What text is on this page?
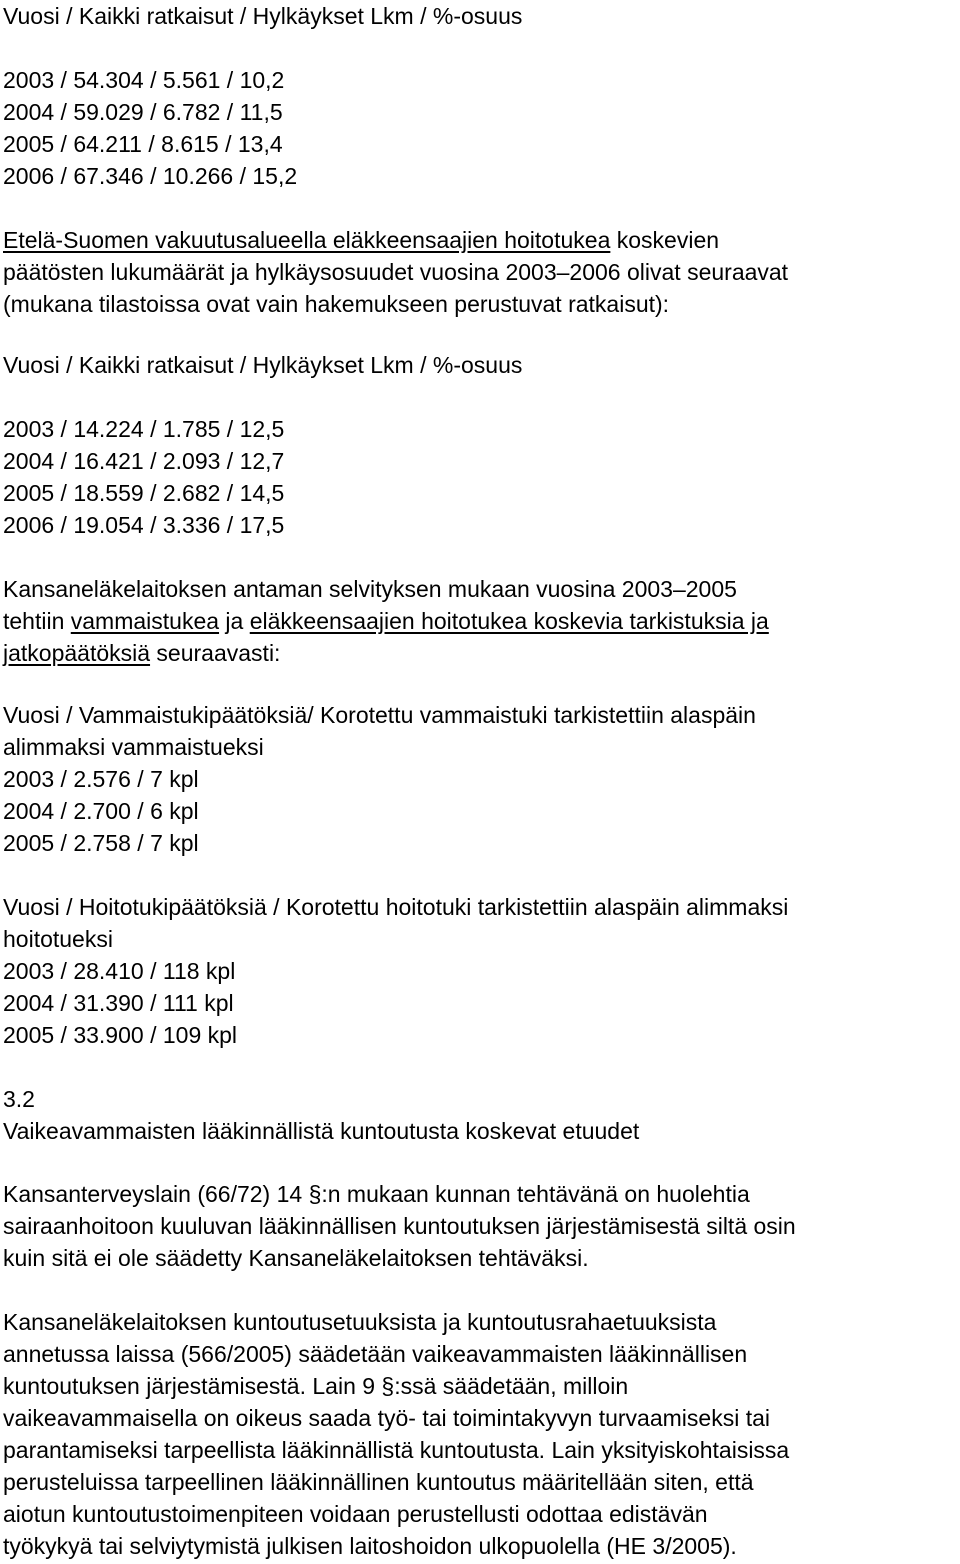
Vuosi / Kaikki ratkaisut / Hylkäykset Lkm / %-osuus
2003 / 54.304 / 5.561 / 10,2
2004 / 59.029 / 6.782 / 11,5
2005 / 64.211 / 8.615 / 13,4
2006 / 67.346 / 10.266 / 15,2
Etelä-Suomen vakuutusalueella eläkkeensaajien hoitotukea koskevien
päätösten lukumäärät ja hylkäysosuudet vuosina 2003–2006 olivat seuraavat
(mukana tilastoissa ovat vain hakemukseen perustuvat ratkaisut):
Vuosi / Kaikki ratkaisut / Hylkäykset Lkm / %-osuus
2003 / 14.224 / 1.785 / 12,5
2004 / 16.421 / 2.093 / 12,7
2005 / 18.559 / 2.682 / 14,5
2006 / 19.054 / 3.336 / 17,5
Kansaneläkelaitoksen antaman selvityksen mukaan vuosina 2003–2005
tehtiin vammaistukea ja eläkkeensaajien hoitotukea koskevia tarkistuksia ja
jatkopäätöksiä seuraavasti:
Vuosi / Vammaistukipäätöksiä/ Korotettu vammaistuki tarkistettiin alaspäin
alimmaksi vammaistueksi
2003 / 2.576 / 7 kpl
2004 / 2.700 / 6 kpl
2005 / 2.758 / 7 kpl
Vuosi / Hoitotukipäätöksiä / Korotettu hoitotuki tarkistettiin alaspäin alimmaksi
hoitotueksi
2003 / 28.410 / 118 kpl
2004 / 31.390 / 111 kpl
2005 / 33.900 / 109 kpl
3.2
Vaikeavammaisten lääkinnällistä kuntoutusta koskevat etuudet
Kansanterveyslain (66/72) 14 §:n mukaan kunnan tehtävänä on huolehtia
sairaanhoitoon kuuluvan lääkinnällisen kuntoutuksen järjestämisestä siltä osin
kuin sitä ei ole säädetty Kansaneläkelaitoksen tehtäväksi.
Kansaneläkelaitoksen kuntoutusetuuksista ja kuntoutusrahaetuuksista
annetussa laissa (566/2005) säädetään vaikeavammaisten lääkinnällisen
kuntoutuksen järjestämisestä. Lain 9 §:ssä säädetään, milloin
vaikeavammaisella on oikeus saada työ- tai toimintakyvyn turvaamiseksi tai
parantamiseksi tarpeellista lääkinnällistä kuntoutusta. Lain yksityiskohtaisissa
perusteluissa tarpeellinen lääkinnällinen kuntoutus määritellään siten, että
aiotun kuntoutustoimenpiteen voidaan perustellusti odottaa edistävän
työkykyä tai selviytymistä julkisen laitoshoidon ulkopuolella (HE 3/2005).
